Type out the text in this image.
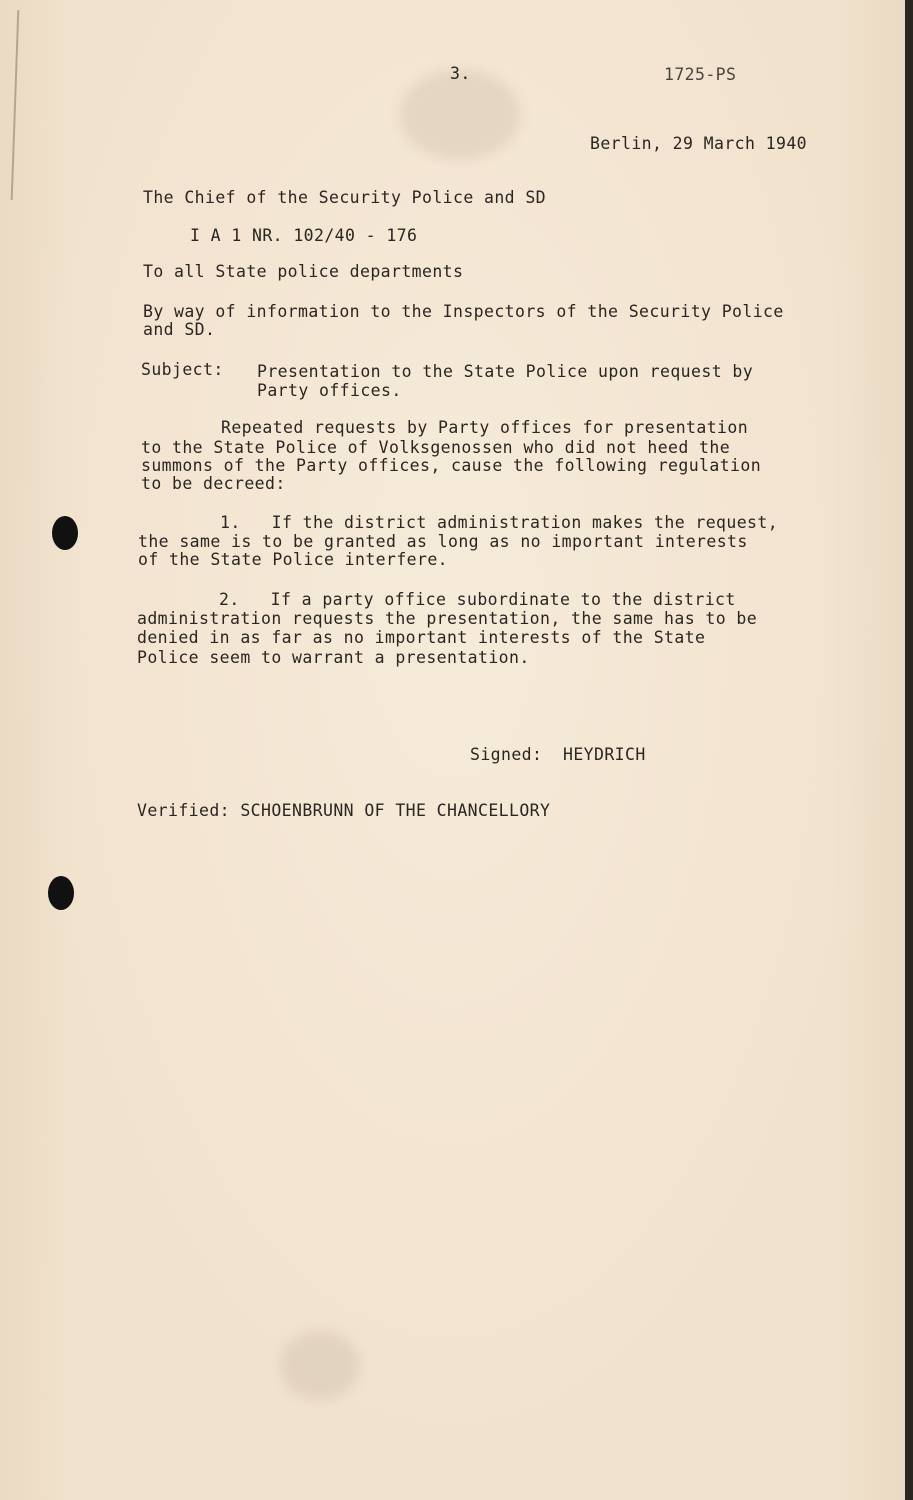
3.	1725-PS
Berlin, 29 March 1940
The Chief of the Security Police and SD
I A 1 NR. 102/40 - 176
To all State police departments
By way of information to the Inspectors of the Security Police
and SD.
Subject: Presentation to the State Police upon request by
Party offices.
Repeated requests by Party offices for presentation
to the State Police of Volksgenossen who did not heed the
summons of the Party offices, cause the following regulation
to be decreed:
1.   If the district administration makes the request,
the same is to be granted as long as no important interests
of the State Police interfere.
2.   If a party office subordinate to the district
administration requests the presentation, the same has to be
denied in as far as no important interests of the State
Police seem to warrant a presentation.
Signed:  HEYDRICH
Verified: SCHOENBRUNN OF THE CHANCELLORY
